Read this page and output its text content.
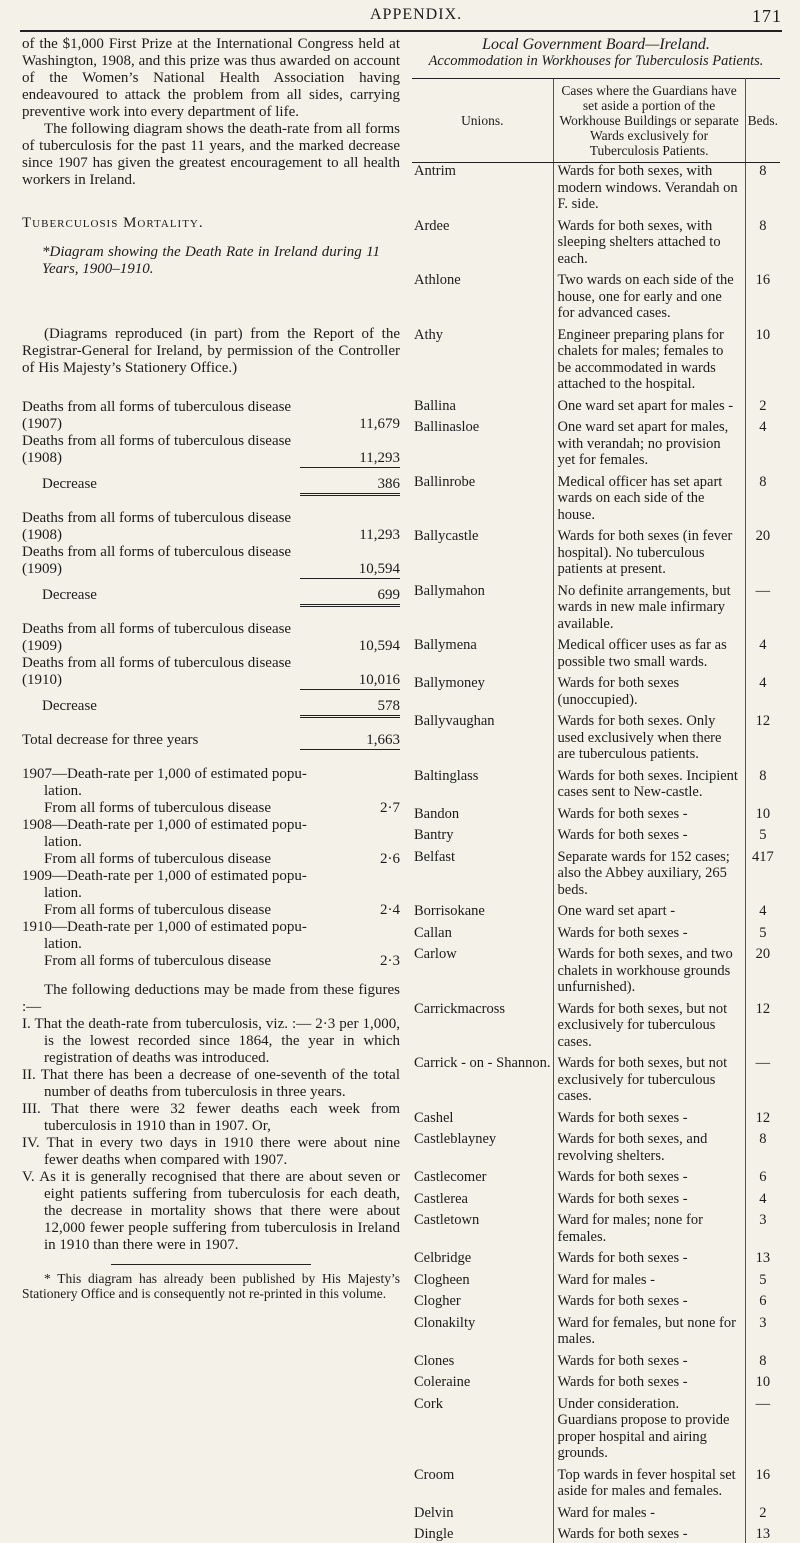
APPENDIX.	171

of the $1,000 First Prize at the International Congress held at Washington, 1908, and this prize was thus awarded on account of the Women’s National Health Association having endeavoured to attack the problem from all sides, carrying preventive work into every department of life.

The following diagram shows the death-rate from all forms of tuberculosis for the past 11 years, and the marked decrease since 1907 has given the greatest encouragement to all health workers in Ireland.

Tuberculosis Mortality.

*Diagram showing the Death Rate in Ireland during 11 Years, 1900–1910.

(Diagrams reproduced (in part) from the Report of the Registrar-General for Ireland, by permission of the Controller of His Majesty’s Stationery Office.)

Deaths from all forms of tuberculous disease

(1907)	11,679

Deaths from all forms of tuberculous disease

(1908)	11,293
Decrease	386

Deaths from all forms of tuberculous disease

(1908)	11,293

Deaths from all forms of tuberculous disease

(1909)	10,594
Decrease	699

Deaths from all forms of tuberculous disease

(1909)	10,594

Deaths from all forms of tuberculous disease

(1910)	10,016
Decrease	578
Total decrease for three years	1,663

1907—Death-rate per 1,000 of estimated popu-

lation.

From all forms of tuberculous disease	2·7

1908—Death-rate per 1,000 of estimated popu-

lation.

From all forms of tuberculous disease	2·6

1909—Death-rate per 1,000 of estimated popu-

lation.

From all forms of tuberculous disease	2·4

1910—Death-rate per 1,000 of estimated popu-

lation.

From all forms of tuberculous disease	2·3

The following deductions may be made from these figures :—

I. That the death-rate from tuberculosis, viz. :— 2·3 per 1,000, is the lowest recorded since 1864, the year in which registration of deaths was introduced.

II. That there has been a decrease of one-seventh of the total number of deaths from tuberculosis in three years.

III. That there were 32 fewer deaths each week from tuberculosis in 1910 than in 1907. Or,

IV. That in every two days in 1910 there were about nine fewer deaths when compared with 1907.

V. As it is generally recognised that there are about seven or eight patients suffering from tuberculosis for each death, the decrease in mortality shows that there were about 12,000 fewer people suffering from tuberculosis in Ireland in 1910 than there were in 1907.

* This diagram has already been published by His Majesty’s Stationery Office and is consequently not re-printed in this volume.

Local Government Board—Ireland.

Accommodation in Workhouses for Tuberculosis Patients.

Unions.	Cases where the Guardians have set aside a portion of the Workhouse Buildings or separate Wards exclusively for Tuberculosis Patients.	Beds.
Antrim	Wards for both sexes, with modern windows. Verandah on F. side.	8
Ardee	Wards for both sexes, with sleeping shelters attached to each.	8
Athlone	Two wards on each side of the house, one for early and one for advanced cases.	16
Athy	Engineer preparing plans for chalets for males; females to be accommodated in wards attached to the hospital.	10
Ballina	One ward set apart for males -	2
Ballinasloe	One ward set apart for males, with verandah; no provision yet for females.	4
Ballinrobe	Medical officer has set apart wards on each side of the house.	8
Ballycastle	Wards for both sexes (in fever hospital). No tuberculous patients at present.	20
Ballymahon	No definite arrangements, but wards in new male infirmary available.	—
Ballymena	Medical officer uses as far as possible two small wards.	4
Ballymoney	Wards for both sexes (unoccupied).	4
Ballyvaughan	Wards for both sexes. Only used exclusively when there are tuberculous patients.	12
Baltinglass	Wards for both sexes. Incipient cases sent to New-castle.	8
Bandon	Wards for both sexes -	10
Bantry	Wards for both sexes -	5
Belfast	Separate wards for 152 cases; also the Abbey auxiliary, 265 beds.	417
Borrisokane	One ward set apart -	4
Callan	Wards for both sexes -	5
Carlow	Wards for both sexes, and two chalets in workhouse grounds unfurnished).	20
Carrickmacross	Wards for both sexes, but not exclusively for tuberculous cases.	12
Carrick - on - Shannon.	Wards for both sexes, but not exclusively for tuberculous cases.	—
Cashel	Wards for both sexes -	12
Castleblayney	Wards for both sexes, and revolving shelters.	8
Castlecomer	Wards for both sexes -	6
Castlerea	Wards for both sexes -	4
Castletown	Ward for males; none for females.	3
Celbridge	Wards for both sexes -	13
Clogheen	Ward for males -	5
Clogher	Wards for both sexes -	6
Clonakilty	Ward for females, but none for males.	3
Clones	Wards for both sexes -	8
Coleraine	Wards for both sexes -	10
Cork	Under consideration. Guardians propose to provide proper hospital and airing grounds.	—
Croom	Top wards in fever hospital set aside for males and females.	16
Delvin	Ward for males -	2
Dingle	Wards for both sexes -	13
